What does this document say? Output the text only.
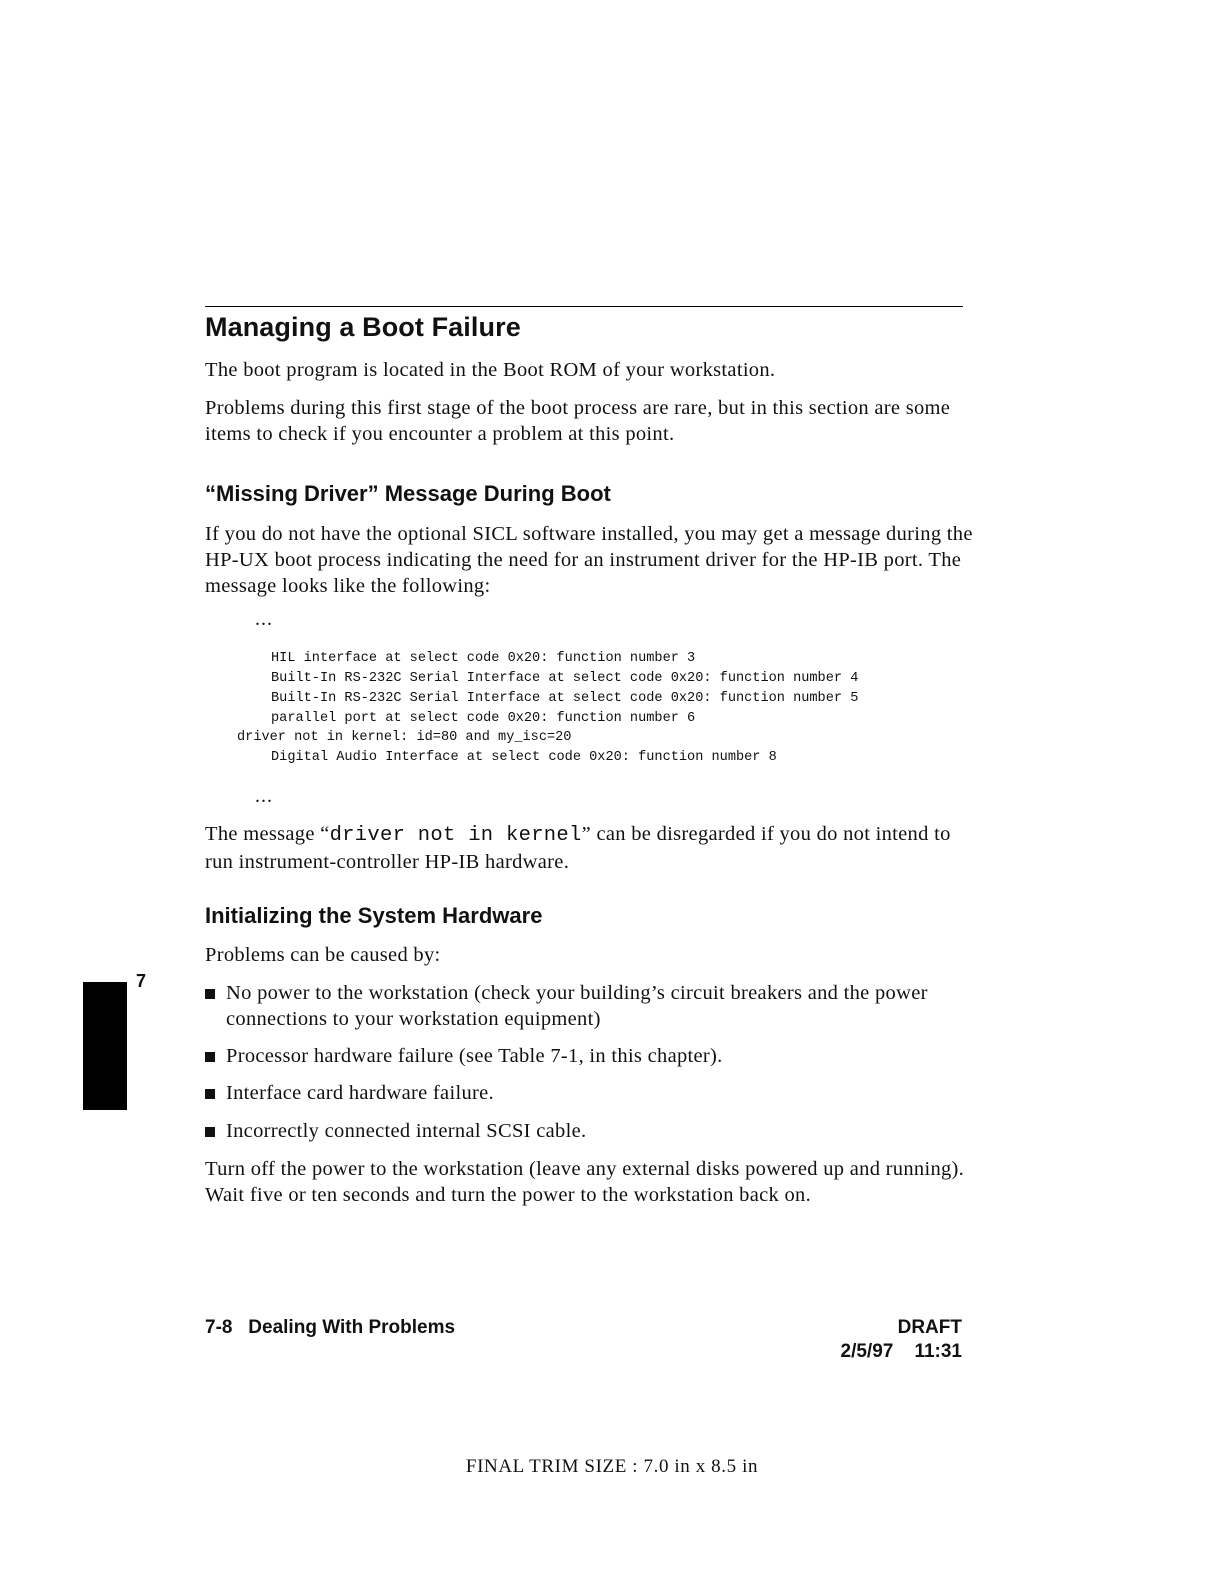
Managing a Boot Failure

The boot program is located in the Boot ROM of your workstation.

Problems during this first stage of the boot process are rare, but in this section are some items to check if you encounter a problem at this point.

“Missing Driver” Message During Boot

If you do not have the optional SICL software installed, you may get a message during the HP-UX boot process indicating the need for an instrument driver for the HP-IB port. The message looks like the following:

...
HIL interface at select code 0x20: function number 3
Built-In RS-232C Serial Interface at select code 0x20: function number 4
Built-In RS-232C Serial Interface at select code 0x20: function number 5
parallel port at select code 0x20: function number 6
driver not in kernel: id=80 and my_isc=20
Digital Audio Interface at select code 0x20: function number 8
...

The message “driver not in kernel” can be disregarded if you do not intend to run instrument-controller HP-IB hardware.

Initializing the System Hardware

Problems can be caused by:

7
No power to the workstation (check your building’s circuit breakers and the power connections to your workstation equipment)
Processor hardware failure (see Table 7-1, in this chapter).
Interface card hardware failure.
Incorrectly connected internal SCSI cable.

Turn off the power to the workstation (leave any external disks powered up and running). Wait five or ten seconds and turn the power to the workstation back on.

7-8   Dealing With Problems	DRAFT
2/5/97    11:31
FINAL TRIM SIZE : 7.0 in x 8.5 in
